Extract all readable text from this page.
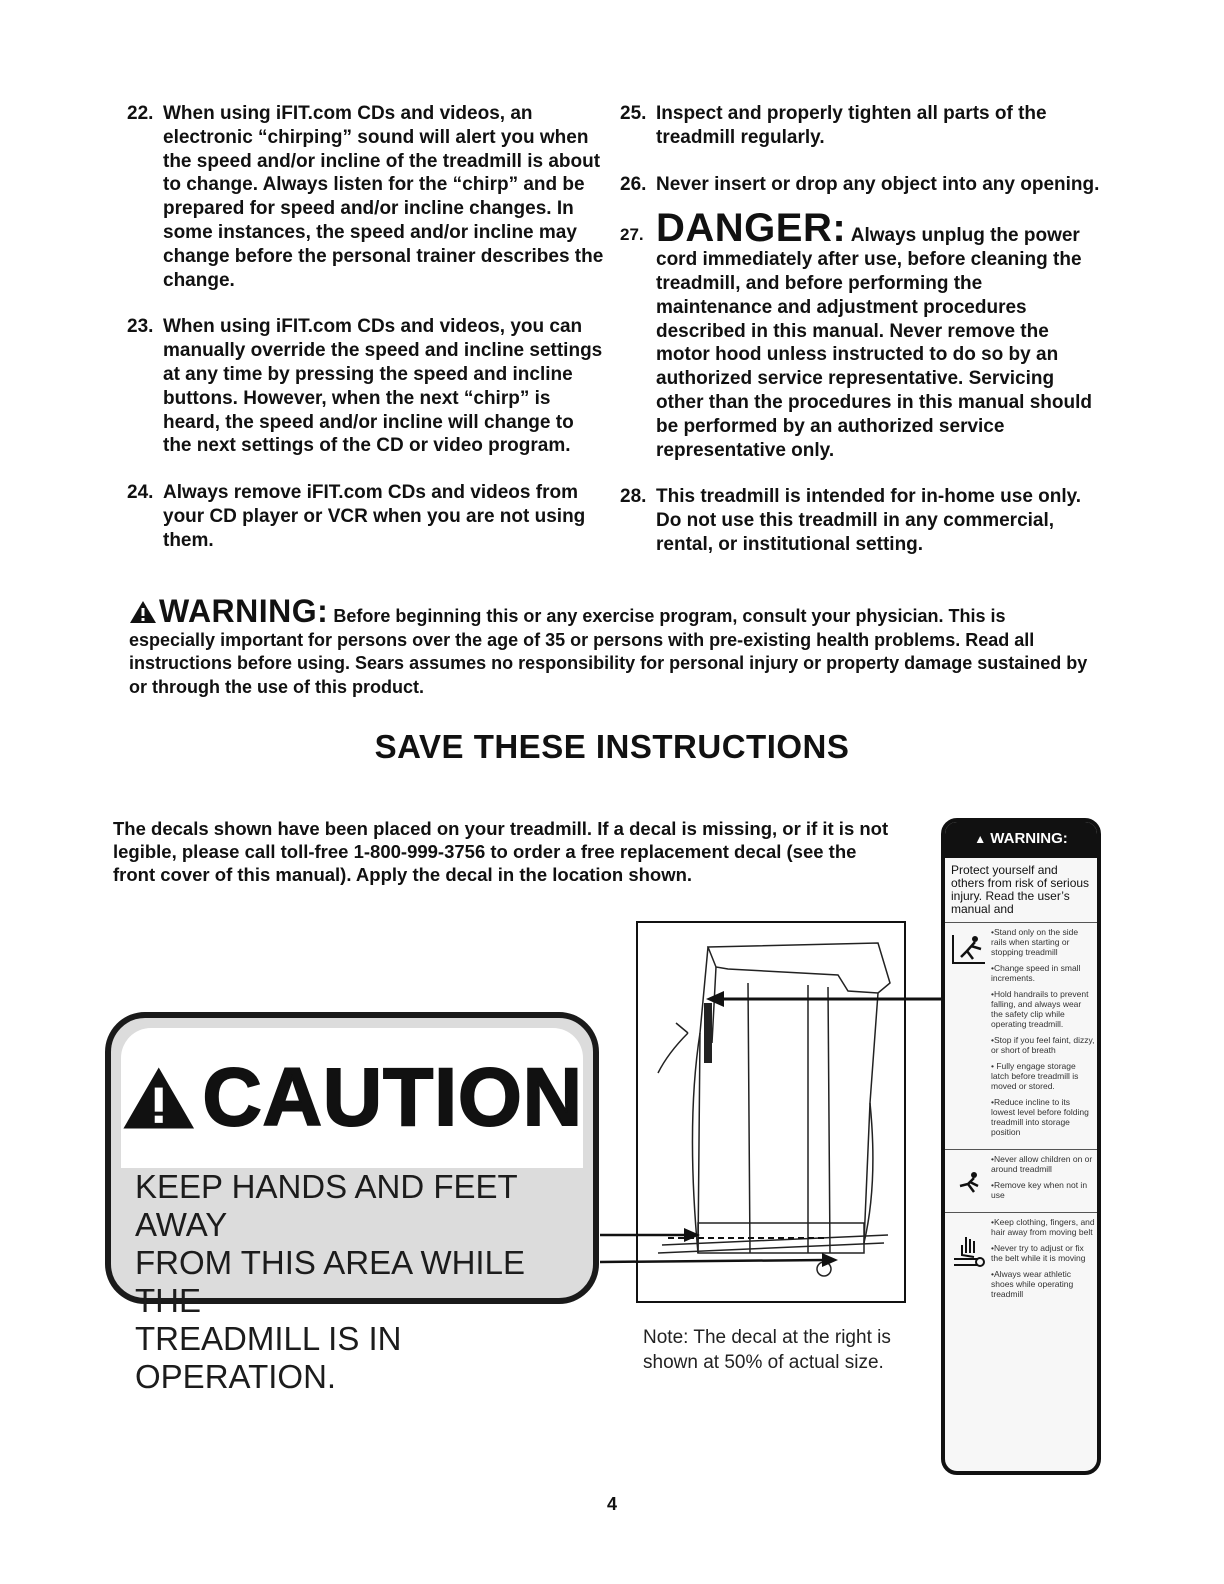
22. When using iFIT.com CDs and videos, an electronic “chirping” sound will alert you when the speed and/or incline of the treadmill is about to change. Always listen for the “chirp” and be prepared for speed and/or incline changes. In some instances, the speed and/or incline may change before the personal trainer describes the change.
23. When using iFIT.com CDs and videos, you can manually override the speed and incline settings at any time by pressing the speed and incline buttons. However, when the next “chirp” is heard, the speed and/or incline will change to the next settings of the CD or video program.
24. Always remove iFIT.com CDs and videos from your CD player or VCR when you are not using them.
25. Inspect and properly tighten all parts of the treadmill regularly.
26. Never insert or drop any object into any opening.
27. DANGER: Always unplug the power cord immediately after use, before cleaning the treadmill, and before performing the maintenance and adjustment procedures described in this manual. Never remove the motor hood unless instructed to do so by an authorized service representative. Servicing other than the procedures in this manual should be performed by an authorized service representative only.
28. This treadmill is intended for in-home use only. Do not use this treadmill in any commercial, rental, or institutional setting.
WARNING: Before beginning this or any exercise program, consult your physician. This is especially important for persons over the age of 35 or persons with pre-existing health problems. Read all instructions before using. Sears assumes no responsibility for personal injury or property damage sustained by or through the use of this product.
SAVE THESE INSTRUCTIONS
The decals shown have been placed on your treadmill. If a decal is missing, or if it is not legible, please call toll-free 1-800-999-3756 to order a free replacement decal (see the front cover of this manual). Apply the decal in the location shown.
CAUTION
KEEP HANDS AND FEET AWAY
FROM THIS AREA WHILE THE
TREADMILL IS IN OPERATION.
Note: The decal at the right is shown at 50% of actual size.
▲ WARNING:
Protect yourself and others from risk of serious injury. Read the user’s manual and
•Stand only on the side rails when starting or stopping treadmill
•Change speed in small increments.
•Hold handrails to prevent falling, and always wear the safety clip while operating treadmill.
•Stop if you feel faint, dizzy, or short of breath
• Fully engage storage latch before treadmill is moved or stored.
•Reduce incline to its lowest level before folding treadmill into storage position
•Never allow children on or around treadmill
•Remove key when not in use
•Keep clothing, fingers, and hair away from moving belt
•Never try to adjust or fix the belt while it is moving
•Always wear athletic shoes while operating treadmill
4
